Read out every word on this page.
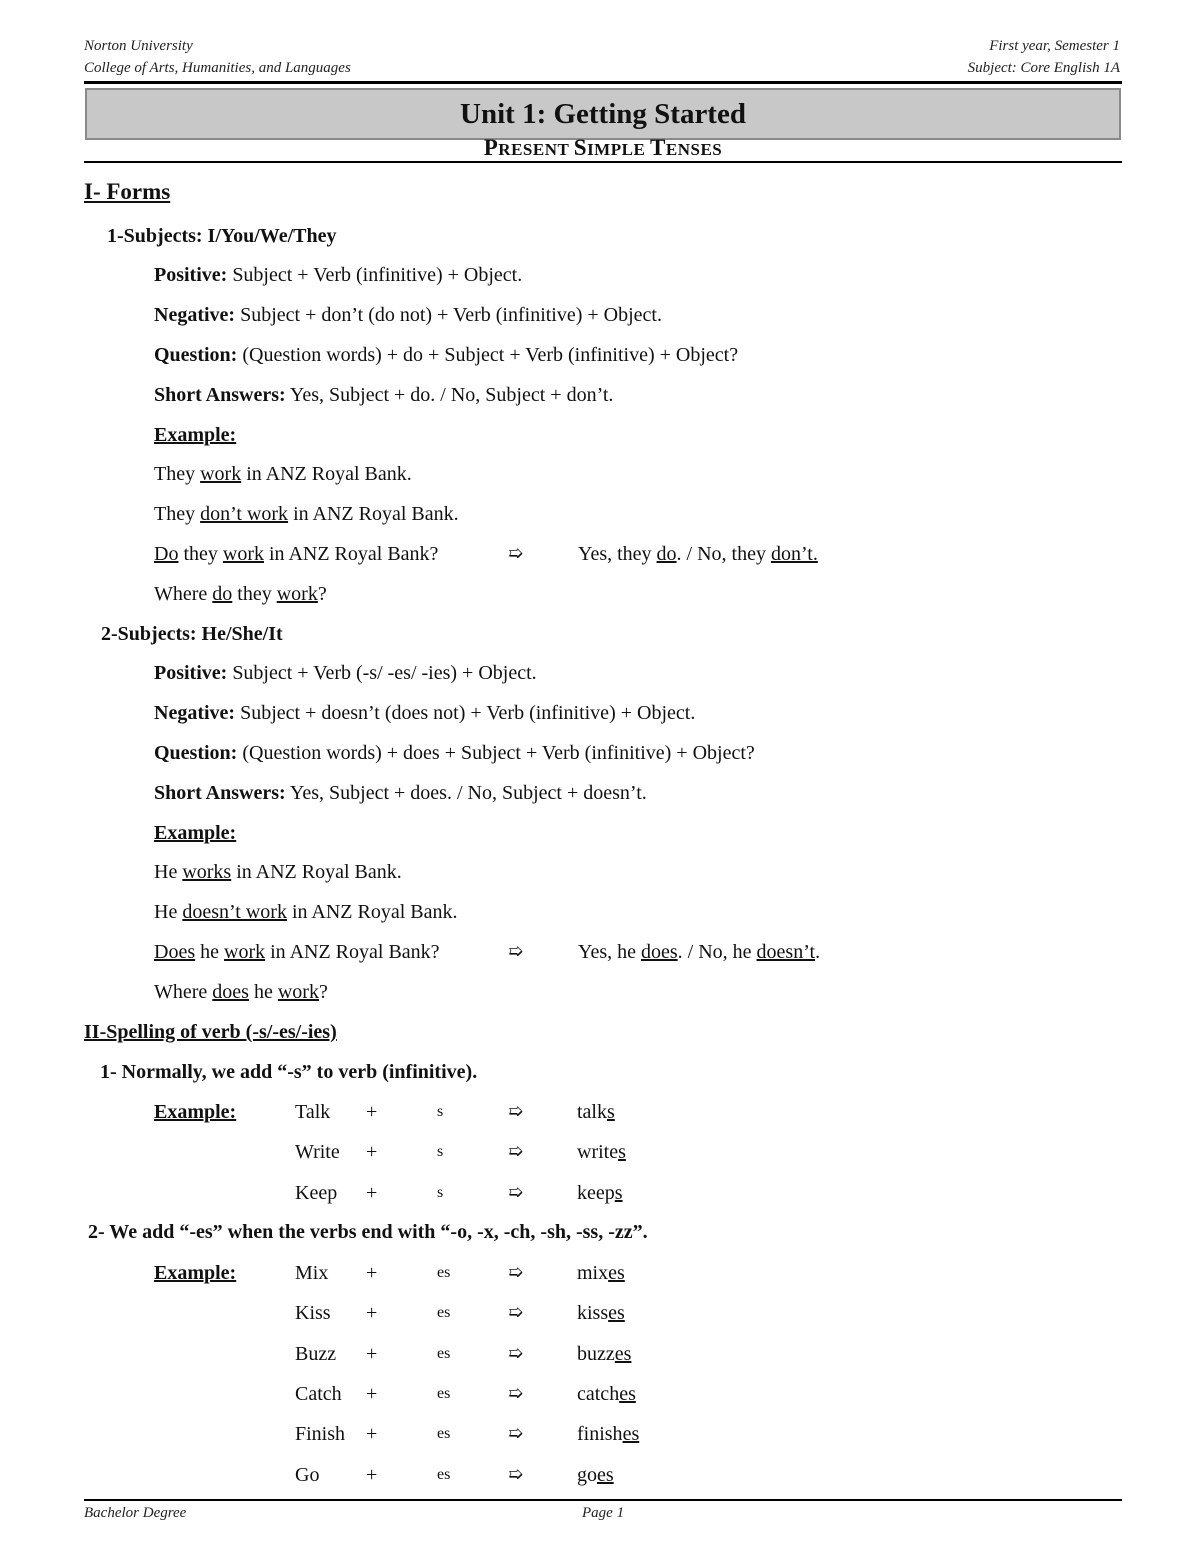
Norton University
College of Arts, Humanities, and Languages
First year, Semester 1
Subject: Core English 1A
Unit 1: Getting Started
PRESENT SIMPLE TENSES
I- Forms
1-Subjects: I/You/We/They
Positive: Subject + Verb (infinitive) + Object.
Negative: Subject + don’t (do not) + Verb (infinitive) + Object.
Question: (Question words) + do + Subject + Verb (infinitive) + Object?
Short Answers: Yes, Subject + do. / No, Subject + don’t.
Example:
They work in ANZ Royal Bank.
They don’t work in ANZ Royal Bank.
Do they work in ANZ Royal Bank?	➯	Yes, they do. / No, they don’t.
Where do they work?
2-Subjects: He/She/It
Positive: Subject + Verb (-s/ -es/ -ies) + Object.
Negative: Subject + doesn’t (does not) + Verb (infinitive) + Object.
Question: (Question words) + does + Subject + Verb (infinitive) + Object?
Short Answers: Yes, Subject + does. / No, Subject + doesn’t.
Example:
He works in ANZ Royal Bank.
He doesn’t work in ANZ Royal Bank.
Does he work in ANZ Royal Bank?	➯	Yes, he does. / No, he doesn’t.
Where does he work?
II-Spelling of verb (-s/-es/-ies)
1- Normally, we add “-s” to verb (infinitive).
Example:	Talk +	s	➯	talks
Write +	s	➯	writes
Keep +	s	➯	keeps
2- We add “-es” when the verbs end with “-o, -x, -ch, -sh, -ss, -zz”.
Example:	Mix +	es	➯	mixes
Kiss +	es	➯	kisses
Buzz +	es	➯	buzzes
Catch +	es	➯	catches
Finish +	es	➯	finishes
Go +	es	➯	goes
Bachelor Degree	Page 1
